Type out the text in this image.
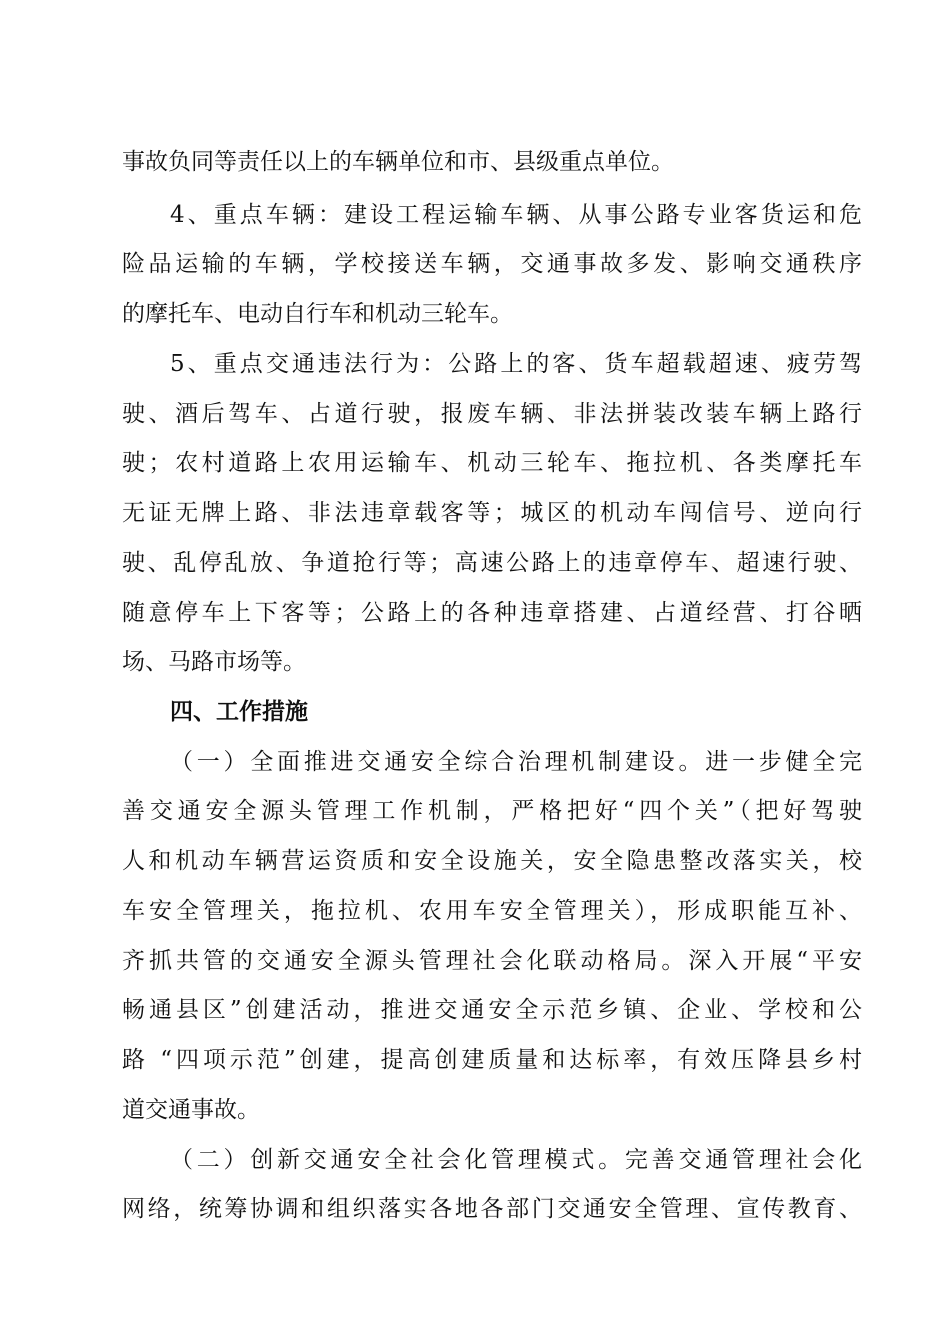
事故负同等责任以上的车辆单位和市、县级重点单位。
4、重点车辆：建设工程运输车辆、从事公路专业客货运和危
险品运输的车辆，学校接送车辆，交通事故多发、影响交通秩序
的摩托车、电动自行车和机动三轮车。
5、重点交通违法行为：公路上的客、货车超载超速、疲劳驾
驶、酒后驾车、占道行驶，报废车辆、非法拼装改装车辆上路行
驶；农村道路上农用运输车、机动三轮车、拖拉机、各类摩托车
无证无牌上路、非法违章载客等；城区的机动车闯信号、逆向行
驶、乱停乱放、争道抢行等；高速公路上的违章停车、超速行驶、
随意停车上下客等；公路上的各种违章搭建、占道经营、打谷晒
场、马路市场等。
四、工作措施
（一）全面推进交通安全综合治理机制建设。进一步健全完
善交通安全源头管理工作机制，严格把好“四个关”（把好驾驶
人和机动车辆营运资质和安全设施关，安全隐患整改落实关，校
车安全管理关，拖拉机、农用车安全管理关），形成职能互补、
齐抓共管的交通安全源头管理社会化联动格局。深入开展“平安
畅通县区”创建活动，推进交通安全示范乡镇、企业、学校和公
路 “四项示范”创建，提高创建质量和达标率，有效压降县乡村
道交通事故。
（二）创新交通安全社会化管理模式。完善交通管理社会化
网络，统筹协调和组织落实各地各部门交通安全管理、宣传教育、
